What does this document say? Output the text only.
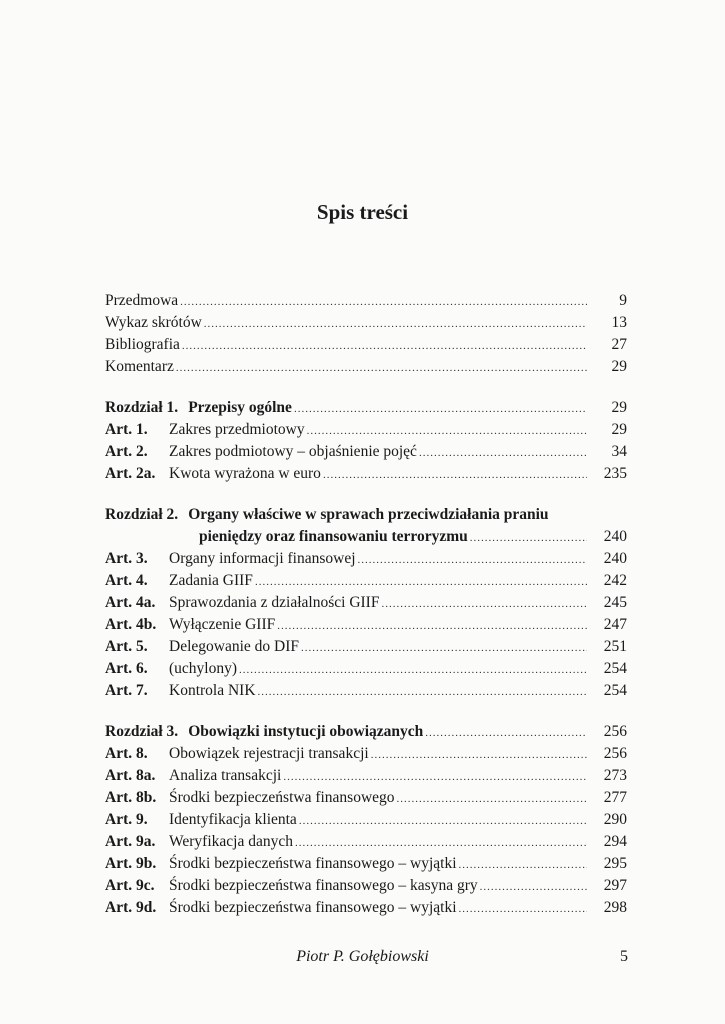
Spis treści
Przedmowa .....	9
Wykaz skrótów .....	13
Bibliografia .....	27
Komentarz .....	29
Rozdział 1. Przepisy ogólne .....	29
Art. 1.	Zakres przedmiotowy .....	29
Art. 2.	Zakres podmiotowy – objaśnienie pojęć .....	34
Art. 2a. Kwota wyrażona w euro .....	235
Rozdział 2. Organy właściwe w sprawach przeciwdziałania praniu
pieniędzy oraz finansowaniu terroryzmu .....	240
Art. 3.	Organy informacji finansowej .....	240
Art. 4.	Zadania GIIF .....	242
Art. 4a. Sprawozdania z działalności GIIF .....	245
Art. 4b. Wyłączenie GIIF .....	247
Art. 5.	Delegowanie do DIF .....	251
Art. 6.	(uchylony) .....	254
Art. 7.	Kontrola NIK .....	254
Rozdział 3. Obowiązki instytucji obowiązanych .....	256
Art. 8.	Obowiązek rejestracji transakcji .....	256
Art. 8a. Analiza transakcji .....	273
Art. 8b. Środki bezpieczeństwa finansowego .....	277
Art. 9.	Identyfikacja klienta .....	290
Art. 9a. Weryfikacja danych .....	294
Art. 9b. Środki bezpieczeństwa finansowego – wyjątki .....	295
Art. 9c. Środki bezpieczeństwa finansowego – kasyna gry .....	297
Art. 9d. Środki bezpieczeństwa finansowego – wyjątki .....	298
Piotr P. Gołębiowski	5
